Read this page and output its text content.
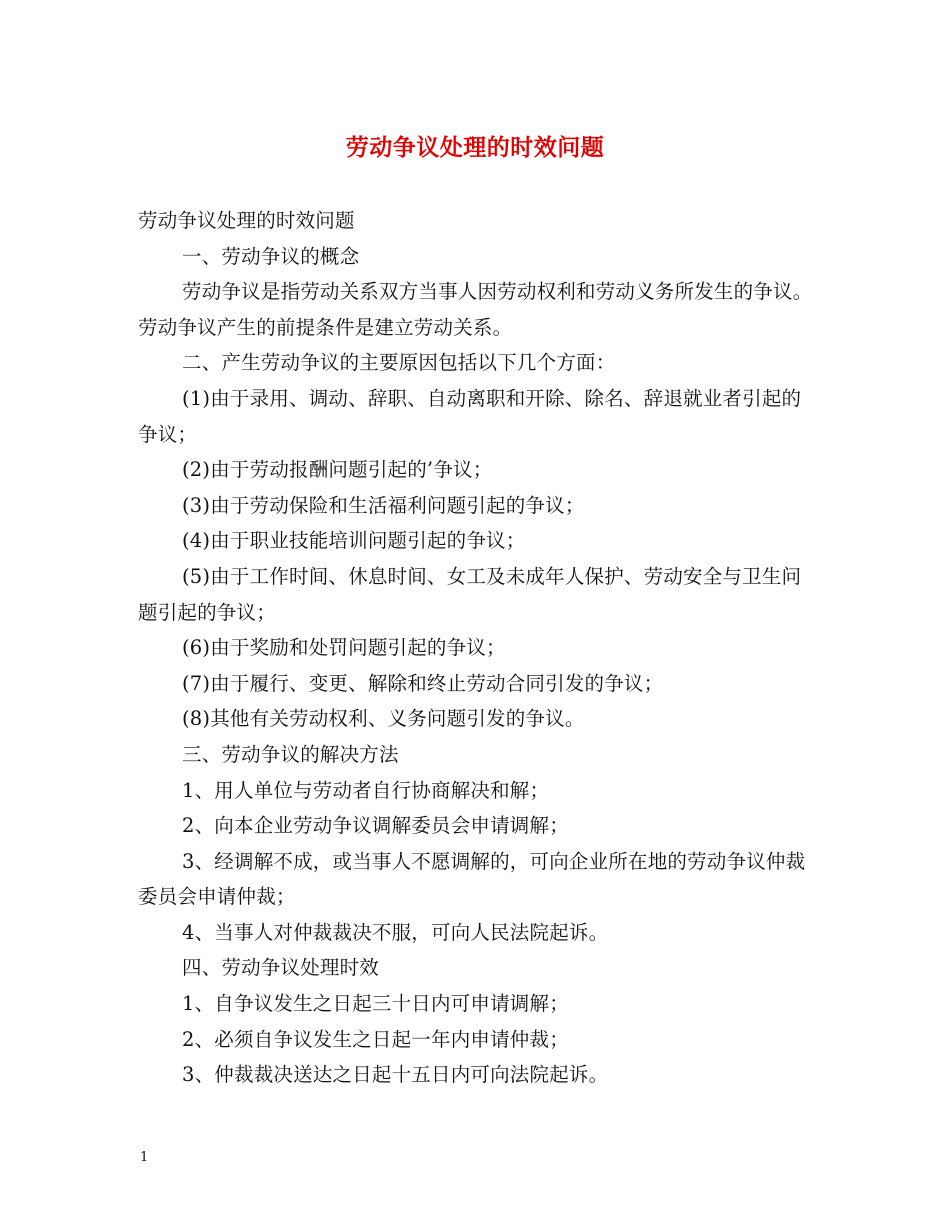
劳动争议处理的时效问题

劳动争议处理的时效问题

一、劳动争议的概念

劳动争议是指劳动关系双方当事人因劳动权利和劳动义务所发生的争议。劳动争议产生的前提条件是建立劳动关系。

二、产生劳动争议的主要原因包括以下几个方面：

(1)由于录用、调动、辞职、自动离职和开除、除名、辞退就业者引起的争议；

(2)由于劳动报酬问题引起的’争议；

(3)由于劳动保险和生活福利问题引起的争议；

(4)由于职业技能培训问题引起的争议；

(5)由于工作时间、休息时间、女工及未成年人保护、劳动安全与卫生问题引起的争议；

(6)由于奖励和处罚问题引起的争议；

(7)由于履行、变更、解除和终止劳动合同引发的争议；

(8)其他有关劳动权利、义务问题引发的争议。

三、劳动争议的解决方法

1、用人单位与劳动者自行协商解决和解；

2、向本企业劳动争议调解委员会申请调解；

3、经调解不成，或当事人不愿调解的，可向企业所在地的劳动争议仲裁委员会申请仲裁；

4、当事人对仲裁裁决不服，可向人民法院起诉。

四、劳动争议处理时效

1、自争议发生之日起三十日内可申请调解；

2、必须自争议发生之日起一年内申请仲裁；

3、仲裁裁决送达之日起十五日内可向法院起诉。

1
